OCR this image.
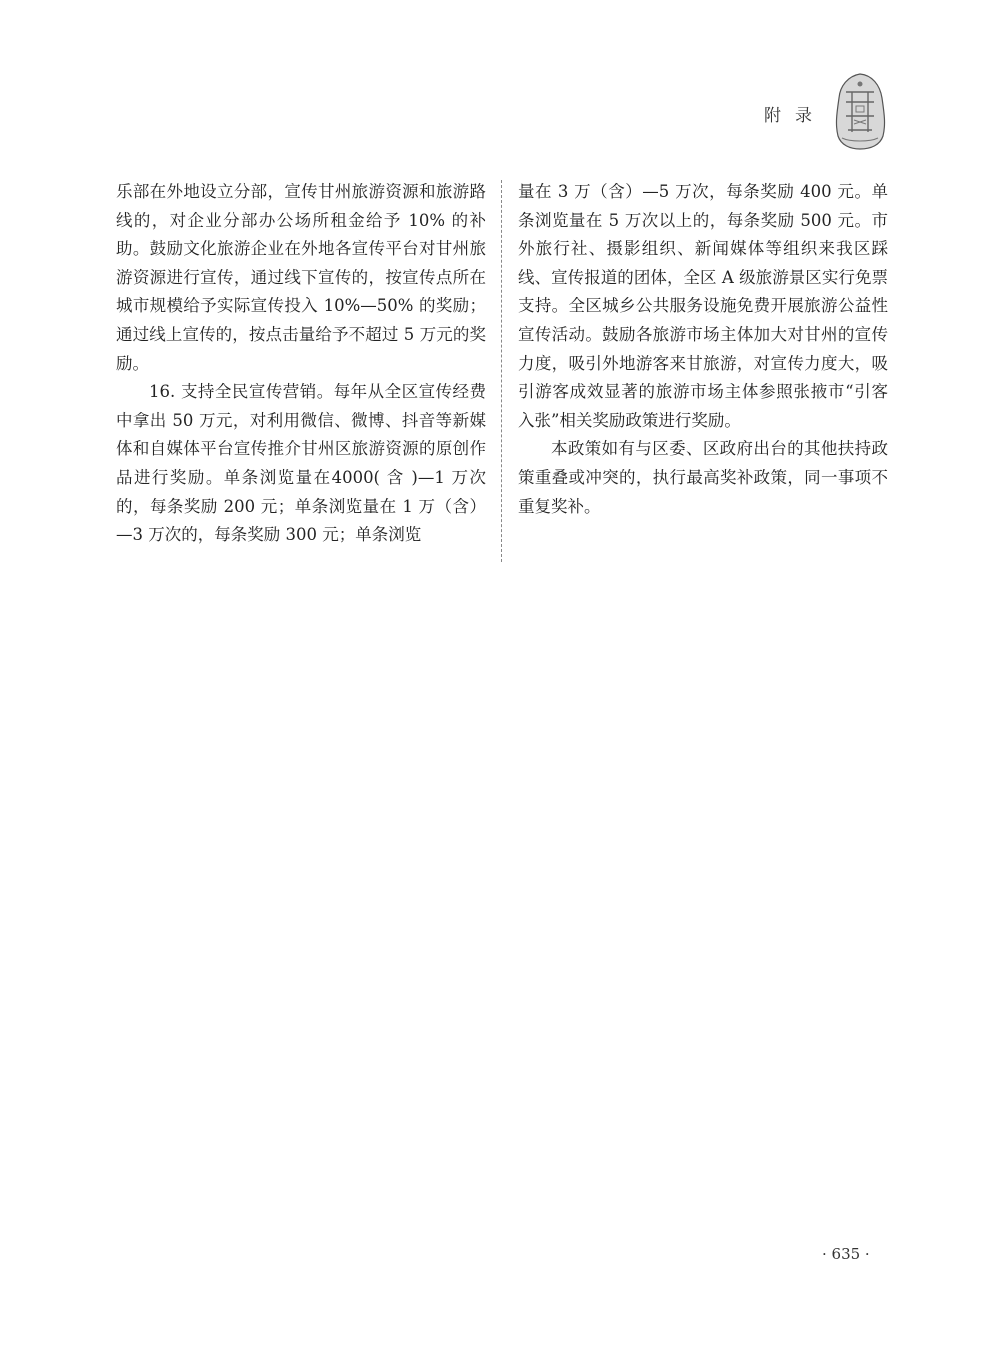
附录

乐部在外地设立分部，宣传甘州旅游资源和旅游路线的，对企业分部办公场所租金给予 10% 的补助。鼓励文化旅游企业在外地各宣传平台对甘州旅游资源进行宣传，通过线下宣传的，按宣传点所在城市规模给予实际宣传投入 10%—50% 的奖励；通过线上宣传的，按点击量给予不超过 5 万元的奖励。

16. 支持全民宣传营销。每年从全区宣传经费中拿出 50 万元，对利用微信、微博、抖音等新媒体和自媒体平台宣传推介甘州区旅游资源的原创作品进行奖励。单条浏览量在4000( 含 )—1 万次的，每条奖励 200 元；单条浏览量在 1 万（含）—3 万次的，每条奖励 300 元；单条浏览

量在 3 万（含）—5 万次，每条奖励 400 元。单条浏览量在 5 万次以上的，每条奖励 500 元。市外旅行社、摄影组织、新闻媒体等组织来我区踩线、宣传报道的团体，全区 A 级旅游景区实行免票支持。全区城乡公共服务设施免费开展旅游公益性宣传活动。鼓励各旅游市场主体加大对甘州的宣传力度，吸引外地游客来甘旅游，对宣传力度大，吸引游客成效显著的旅游市场主体参照张掖市“引客入张”相关奖励政策进行奖励。

本政策如有与区委、区政府出台的其他扶持政策重叠或冲突的，执行最高奖补政策，同一事项不重复奖补。

· 635 ·
